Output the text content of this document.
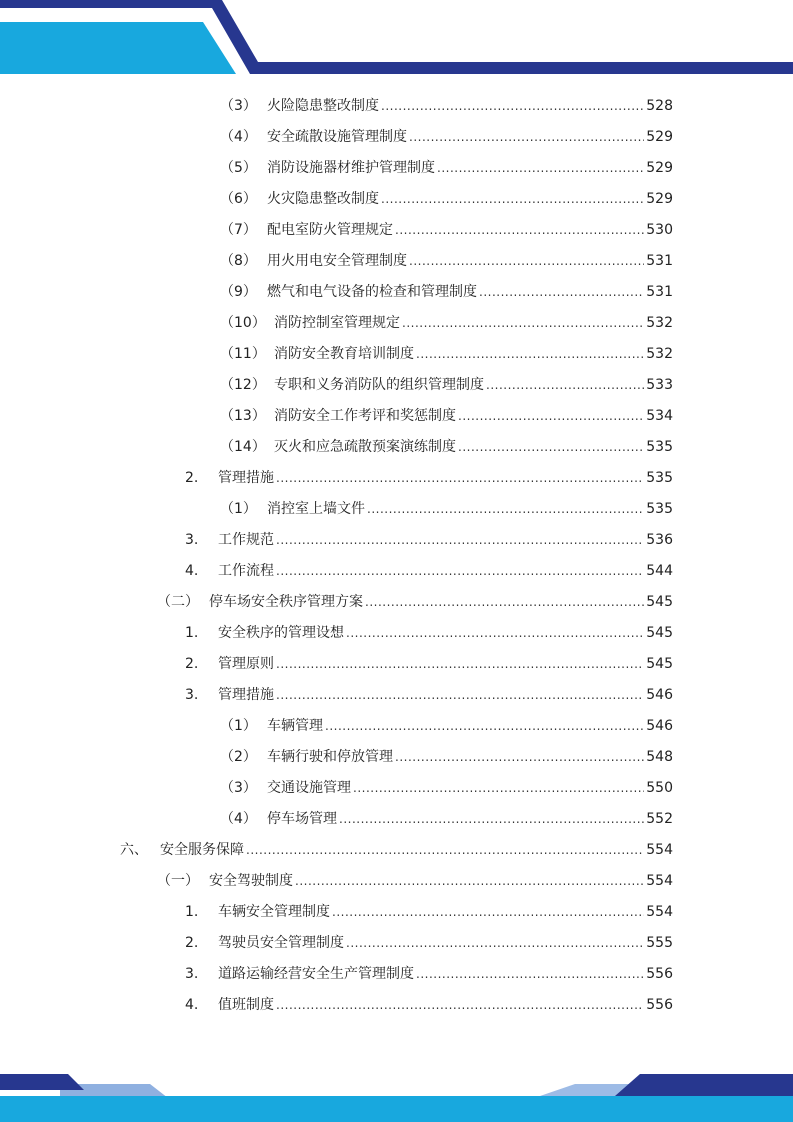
（3） 火险隐患整改制度 .....	528
（4） 安全疏散设施管理制度 .....	529
（5） 消防设施器材维护管理制度 .....	529
（6） 火灾隐患整改制度 .....	529
（7） 配电室防火管理规定 .....	530
（8） 用火用电安全管理制度 .....	531
（9） 燃气和电气设备的检查和管理制度 .....	531
（10） 消防控制室管理规定 .....	532
（11） 消防安全教育培训制度 .....	532
（12） 专职和义务消防队的组织管理制度 .....	533
（13） 消防安全工作考评和奖惩制度 .....	534
（14） 灭火和应急疏散预案演练制度 .....	535
2.	管理措施 .....	535
（1） 消控室上墙文件 .....	535
3.	工作规范 .....	536
4.	工作流程 .....	544
（二） 停车场安全秩序管理方案 .....	545
1.	安全秩序的管理设想 .....	545
2.	管理原则 .....	545
3.	管理措施 .....	546
（1） 车辆管理 .....	546
（2） 车辆行驶和停放管理 .....	548
（3） 交通设施管理 .....	550
（4） 停车场管理 .....	552
六、 安全服务保障 .....	554
（一） 安全驾驶制度 .....	554
1.	车辆安全管理制度 .....	554
2.	驾驶员安全管理制度 .....	555
3.	道路运输经营安全生产管理制度 .....	556
4.	值班制度 .....	556
